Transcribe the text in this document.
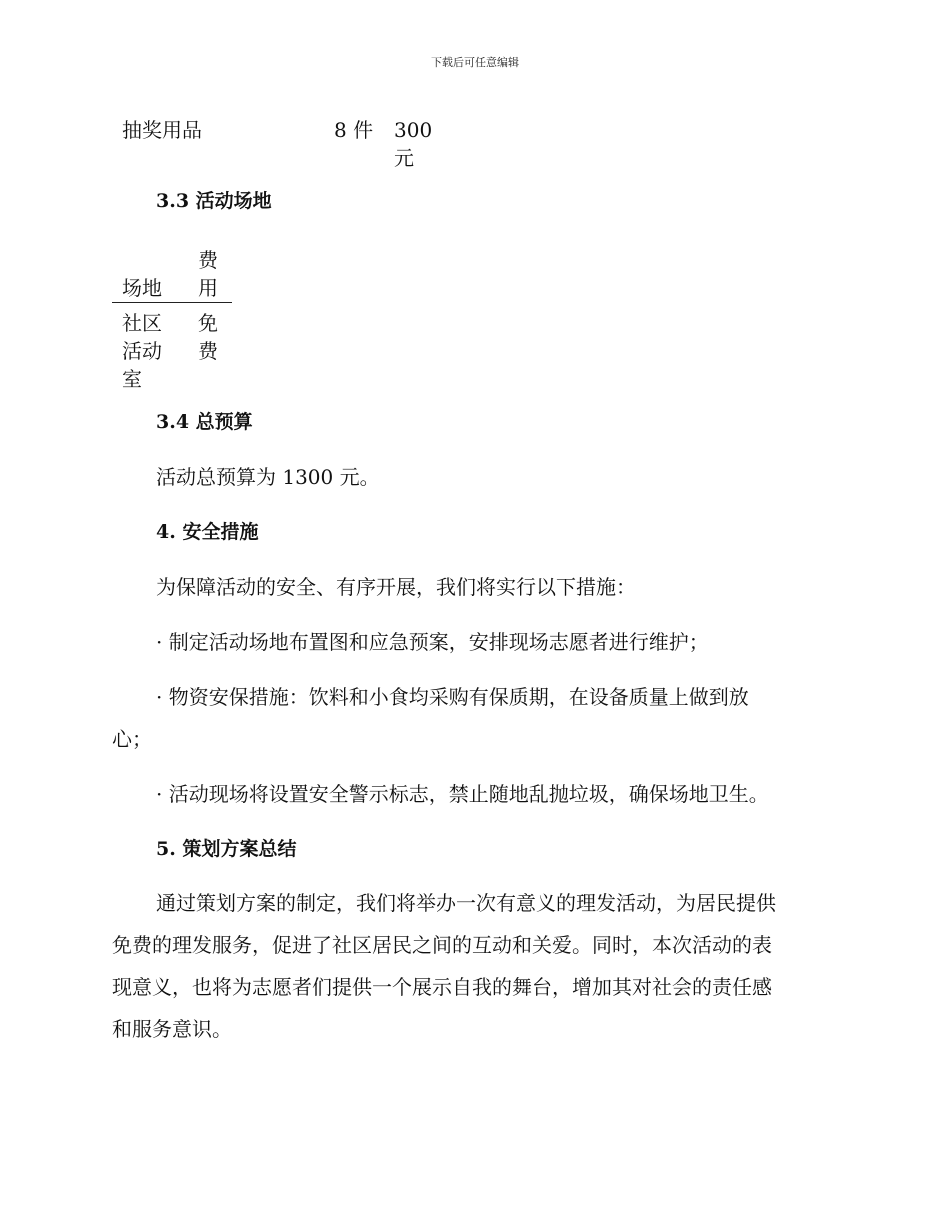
下载后可任意编辑
抽奖用品	8 件 300
元
3.3 活动场地
费
场地 用
社区
活动
室
免
费
3.4 总预算
活动总预算为 1300 元。
4. 安全措施
为保障活动的安全、有序开展，我们将实行以下措施：
· 制定活动场地布置图和应急预案，安排现场志愿者进行维护；
· 物资安保措施：饮料和小食均采购有保质期，在设备质量上做到放
心；
· 活动现场将设置安全警示标志，禁止随地乱抛垃圾，确保场地卫生。
5. 策划方案总结
通过策划方案的制定，我们将举办一次有意义的理发活动，为居民提供
免费的理发服务，促进了社区居民之间的互动和关爱。同时，本次活动的表
现意义，也将为志愿者们提供一个展示自我的舞台，增加其对社会的责任感
和服务意识。
